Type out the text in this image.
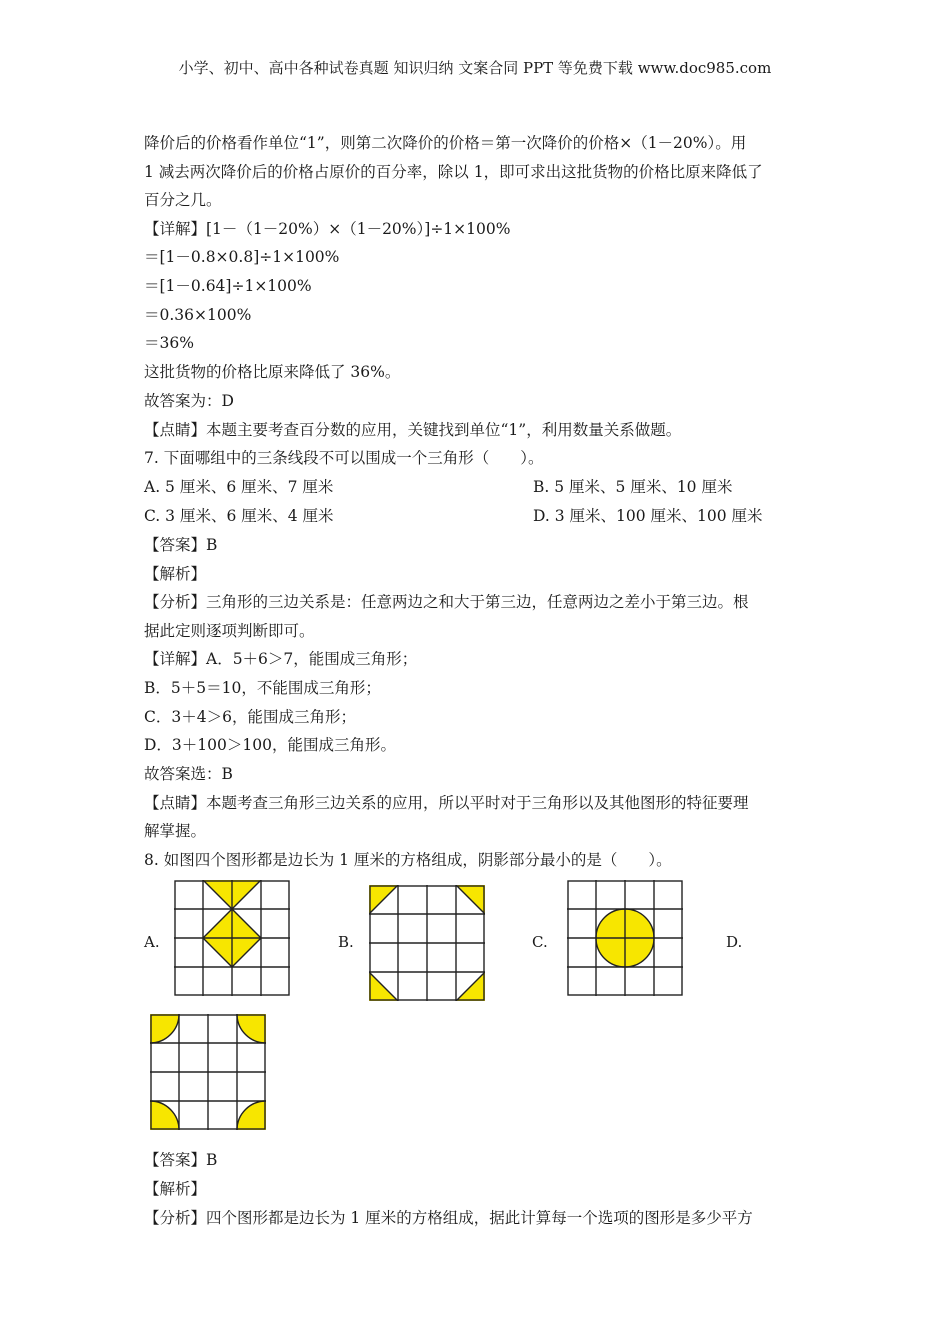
小学、初中、高中各种试卷真题 知识归纳 文案合同 PPT 等免费下载 www.doc985.com
降价后的价格看作单位“1”，则第二次降价的价格＝第一次降价的价格×（1－20%）。用
1 减去两次降价后的价格占原价的百分率，除以 1，即可求出这批货物的价格比原来降低了
百分之几。
【详解】[1－（1－20%）×（1－20%）]÷1×100%
＝[1－0.8×0.8]÷1×100%
＝[1－0.64]÷1×100%
＝0.36×100%
＝36%
这批货物的价格比原来降低了 36%。
故答案为：D
【点睛】本题主要考查百分数的应用，关键找到单位“1”，利用数量关系做题。
7. 下面哪组中的三条线段不可以围成一个三角形（　　）。
A. 5 厘米、6 厘米、7 厘米	B. 5 厘米、5 厘米、10 厘米
C. 3 厘米、6 厘米、4 厘米	D. 3 厘米、100 厘米、100 厘米
【答案】B
【解析】
【分析】三角形的三边关系是：任意两边之和大于第三边，任意两边之差小于第三边。根
据此定则逐项判断即可。
【详解】A．5＋6＞7，能围成三角形；
B．5＋5＝10，不能围成三角形；
C．3＋4＞6，能围成三角形；
D．3＋100＞100，能围成三角形。
故答案选：B
【点睛】本题考查三角形三边关系的应用，所以平时对于三角形以及其他图形的特征要理
解掌握。
8. 如图四个图形都是边长为 1 厘米的方格组成，阴影部分最小的是（　　）。
A.	B.	C.	D.
【答案】B
【解析】
【分析】四个图形都是边长为 1 厘米的方格组成，据此计算每一个选项的图形是多少平方
